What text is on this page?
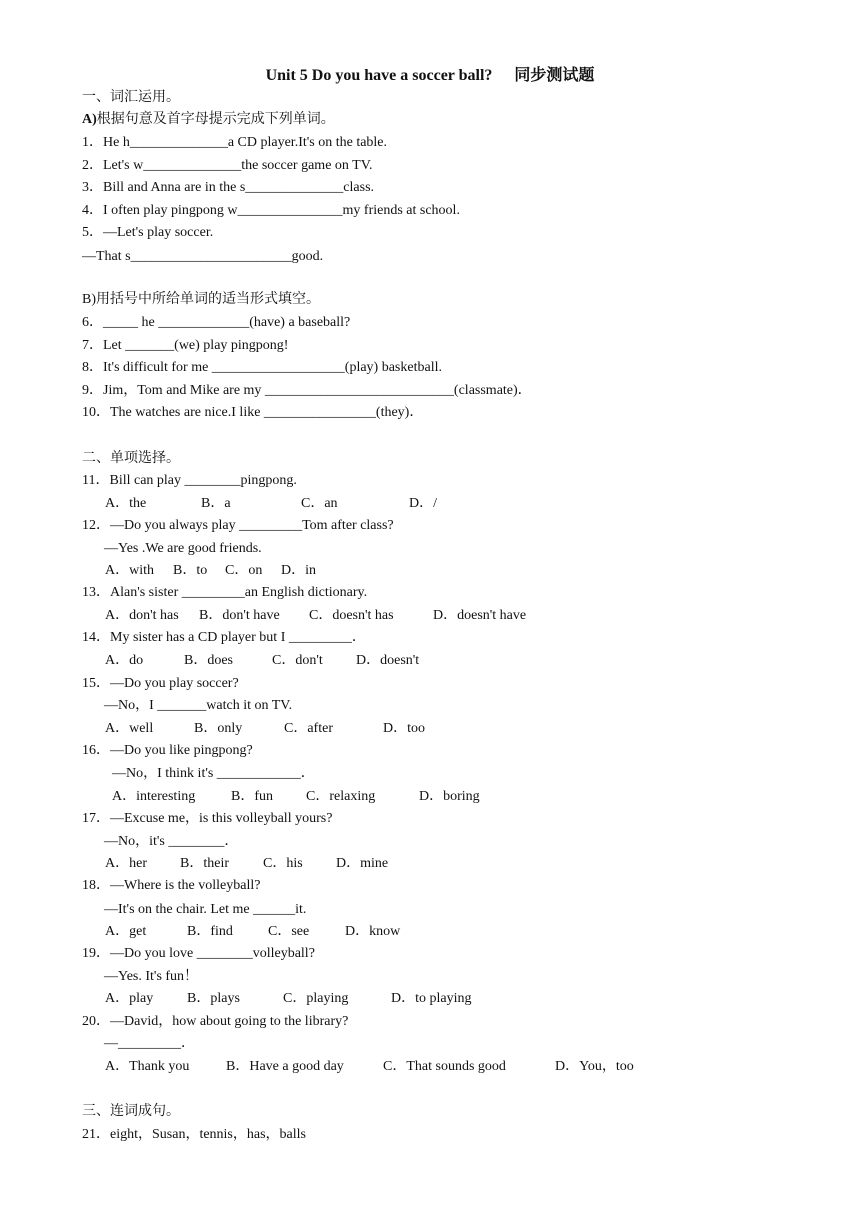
Unit 5 Do you have a soccer ball? 同步测试题
一、词汇运用。
A)根据句意及首字母提示完成下列单词。
1．He h______________a CD player.It's on the table.
2．Let's w______________the soccer game on TV.
3．Bill and Anna are in the s______________class.
4．I often play pingpong w_______________my friends at school.
5．—Let's play soccer.
—That s_______________________good.
B)用括号中所给单词的适当形式填空。
6．_____ he _____________(have) a baseball?
7．Let _______(we) play pingpong!
8．It's difficult for me ___________________(play) basketball.
9．Jim，Tom and Mike are my ___________________________(classmate)．
10．The watches are nice.I like ________________(they)．
二、单项选择。
11．Bill can play ________pingpong.
A．the	B．a	C．an	D．/
12．—Do you always play _________Tom after class?
—Yes .We are good friends.
A．with B．to C．on D．in
13．Alan's sister _________an English dictionary.
A．don't has B．don't have C．doesn't has	D．doesn't have
14．My sister has a CD player but I _________．
A．do	B．does	C．don't D．doesn't
15．—Do you play soccer?
—No，I _______watch it on TV.
A．well	B．only	C．after	D．too
16．—Do you like pingpong?
—No，I think it's ____________．
A．interesting	B．fun C．relaxing	D．boring
17．—Excuse me，is this volleyball yours?
—No，it's ________．
A．her B．their C．his D．mine
18．—Where is the volleyball?
—It's on the chair. Let me ______it.
A．get	B．find	C．see	D．know
19．—Do you love ________volleyball?
—Yes. It's fun！
A．play B．plays	C．playing	D．to playing
20．—David，how about going to the library?
—_________．
A．Thank you	B．Have a good day	C．That sounds good	D．You，too
三、连词成句。
21．eight，Susan，tennis，has，balls
